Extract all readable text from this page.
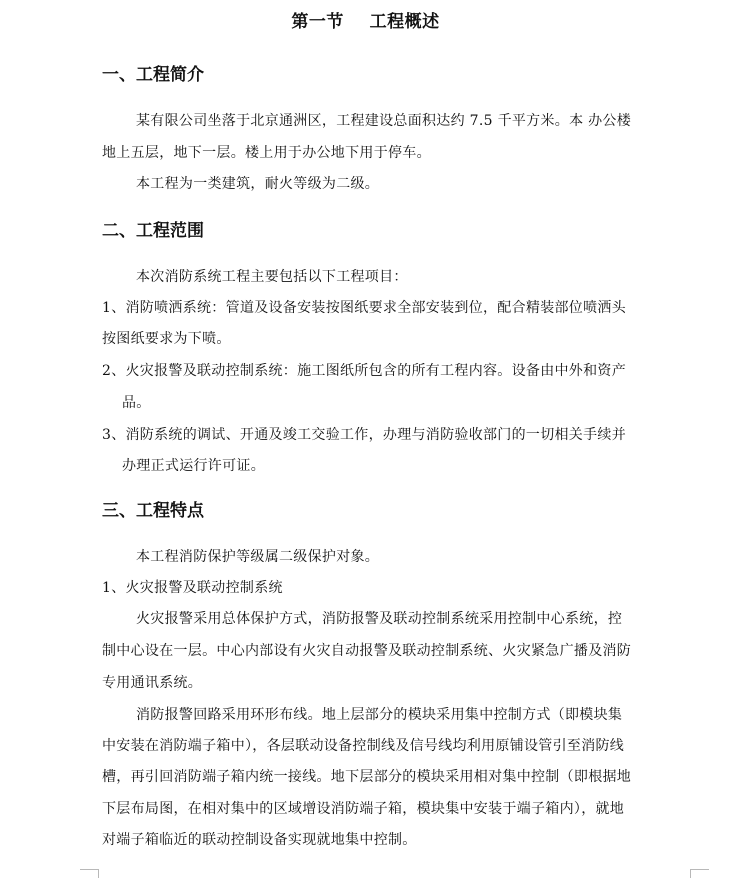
第一节    工程概述
一、工程简介
某有限公司坐落于北京通洲区，工程建设总面积达约 7.5 千平方米。本 办公楼
地上五层，地下一层。楼上用于办公地下用于停车。
本工程为一类建筑，耐火等级为二级。
二、工程范围
本次消防系统工程主要包括以下工程项目：
1、消防喷洒系统：管道及设备安装按图纸要求全部安装到位，配合精装部位喷洒头
按图纸要求为下喷。
2、火灾报警及联动控制系统：施工图纸所包含的所有工程内容。设备由中外和资产
品。
3、消防系统的调试、开通及竣工交验工作，办理与消防验收部门的一切相关手续并
办理正式运行许可证。
三、工程特点
本工程消防保护等级属二级保护对象。
1、火灾报警及联动控制系统
火灾报警采用总体保护方式，消防报警及联动控制系统采用控制中心系统，控
制中心设在一层。中心内部设有火灾自动报警及联动控制系统、火灾紧急广播及消防
专用通讯系统。
消防报警回路采用环形布线。地上层部分的模块采用集中控制方式（即模块集
中安装在消防端子箱中），各层联动设备控制线及信号线均利用原铺设管引至消防线
槽，再引回消防端子箱内统一接线。地下层部分的模块采用相对集中控制（即根据地
下层布局图，在相对集中的区域增设消防端子箱，模块集中安装于端子箱内），就地
对端子箱临近的联动控制设备实现就地集中控制。
